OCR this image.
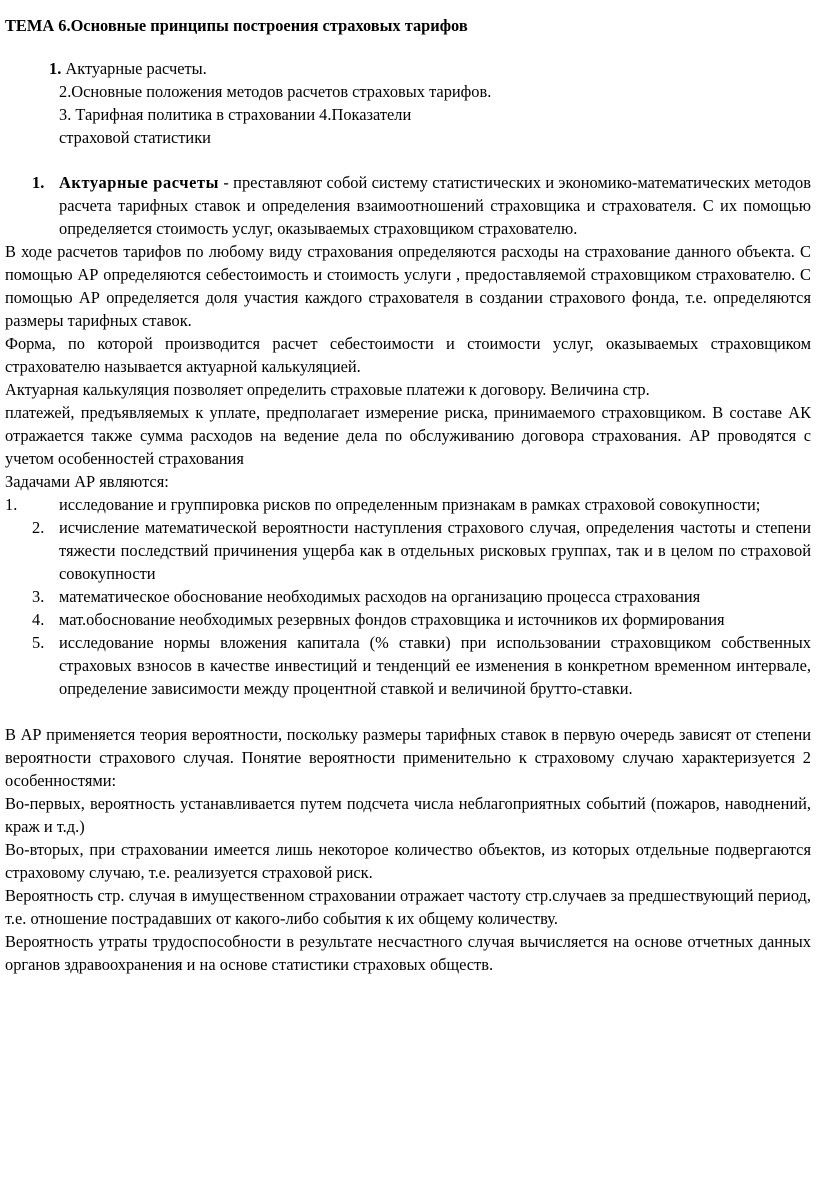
ТЕМА 6.Основные принципы построения страховых тарифов
1. Актуарные расчеты.
2.Основные положения методов расчетов страховых тарифов.
3. Тарифная политика в страховании 4.Показатели
страховой статистики
1. Актуарные расчеты - преставляют собой систему статистических и экономико-математических методов расчета тарифных ставок и определения взаимоотношений страховщика и страхователя. С их помощью определяется стоимость услуг, оказываемых страховщиком страхователю.

В ходе расчетов тарифов по любому виду страхования определяются расходы на страхование данного объекта. С помощью АР определяются себестоимость и стоимость услуги , предоставляемой страховщиком страхователю. С помощью АР определяется доля участия каждого страхователя в создании страхового фонда, т.е. определяются размеры тарифных ставок.

Форма, по которой производится расчет себестоимости и стоимости услуг, оказываемых страховщиком страхователю называется актуарной калькуляцией.

Актуарная калькуляция позволяет определить страховые платежи к договору. Величина стр.

платежей, предъявляемых к уплате, предполагает измерение риска, принимаемого страховщиком. В составе АК отражается также сумма расходов на ведение дела по обслуживанию договора страхования. АР проводятся с учетом особенностей страхования

Задачами АР являются:

1.	исследование и группировка рисков по определенным признакам в рамках страховой совокупности;
2. исчисление математической вероятности наступления страхового случая, определения частоты и степени тяжести последствий причинения ущерба как в отдельных рисковых группах, так и в целом по страховой совокупности
3. математическое обоснование необходимых расходов на организацию процесса страхования
4. мат.обоснование необходимых резервных фондов страховщика и источников их формирования
5. исследование нормы вложения капитала (% ставки) при использовании страховщиком собственных страховых взносов в качестве инвестиций и тенденций ее изменения в конкретном временном интервале, определение зависимости между процентной ставкой и величиной брутто-ставки.

В АР применяется теория вероятности, поскольку размеры тарифных ставок в первую очередь зависят от степени вероятности страхового случая. Понятие вероятности применительно к страховому случаю характеризуется 2 особенностями:

Во-первых, вероятность устанавливается путем подсчета числа неблагоприятных событий (пожаров, наводнений, краж и т.д.)

Во-вторых, при страховании имеется лишь некоторое количество объектов, из которых отдельные подвергаются страховому случаю, т.е. реализуется страховой риск.

Вероятность стр. случая в имущественном страховании отражает частоту стр.случаев за предшествующий период, т.е. отношение пострадавших от какого-либо события к их общему количеству.

Вероятность утраты трудоспособности в результате несчастного случая вычисляется на основе отчетных данных органов здравоохранения и на основе статистики страховых обществ.
